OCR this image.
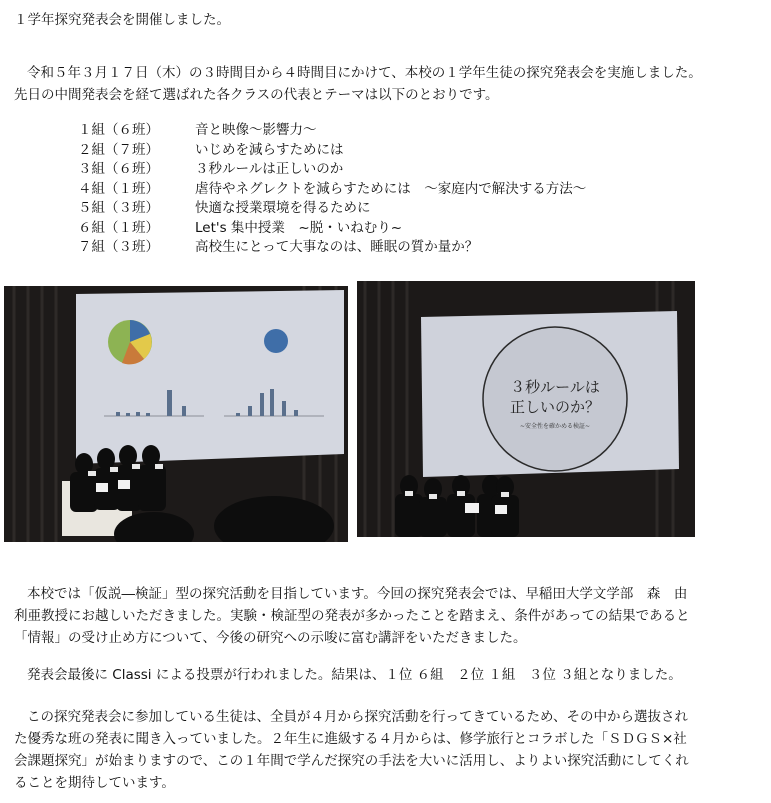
１学年探究発表会を開催しました。
令和５年３月１７日（木）の３時間目から４時間目にかけて、本校の１学年生徒の探究発表会を実施しました。
先日の中間発表会を経て選ばれた各クラスの代表とテーマは以下のとおりです。
１組（６班）	音と映像～影響力～
２組（７班）	いじめを減らすためには
３組（６班）	３秒ルールは正しいのか
４組（１班）	虐待やネグレクトを減らすためには　～家庭内で解決する方法～
５組（３班）	快適な授業環境を得るために
６組（１班）	Let's 集中授業　~脱・いねむり~
７組（３班）	高校生にとって大事なのは、睡眠の質か量か？
３秒ルールは
正しいのか？
~安全性を確かめる検証~
本校では「仮説―検証」型の探究活動を目指しています。今回の探究発表会では、早稲田大学文学部　森　由
利亜教授にお越しいただきました。実験・検証型の発表が多かったことを踏まえ、条件があっての結果であると
「情報」の受け止め方について、今後の研究への示唆に富む講評をいただきました。
発表会最後に Classi による投票が行われました。結果は、１位 ６組　２位 １組　３位 ３組となりました。
この探究発表会に参加している生徒は、全員が４月から探究活動を行ってきているため、その中から選抜され
た優秀な班の発表に聞き入っていました。２年生に進級する４月からは、修学旅行とコラボした「ＳＤＧＳ×社
会課題探究」が始まりますので、この１年間で学んだ探究の手法を大いに活用し、よりよい探究活動にしてくれ
ることを期待しています。
